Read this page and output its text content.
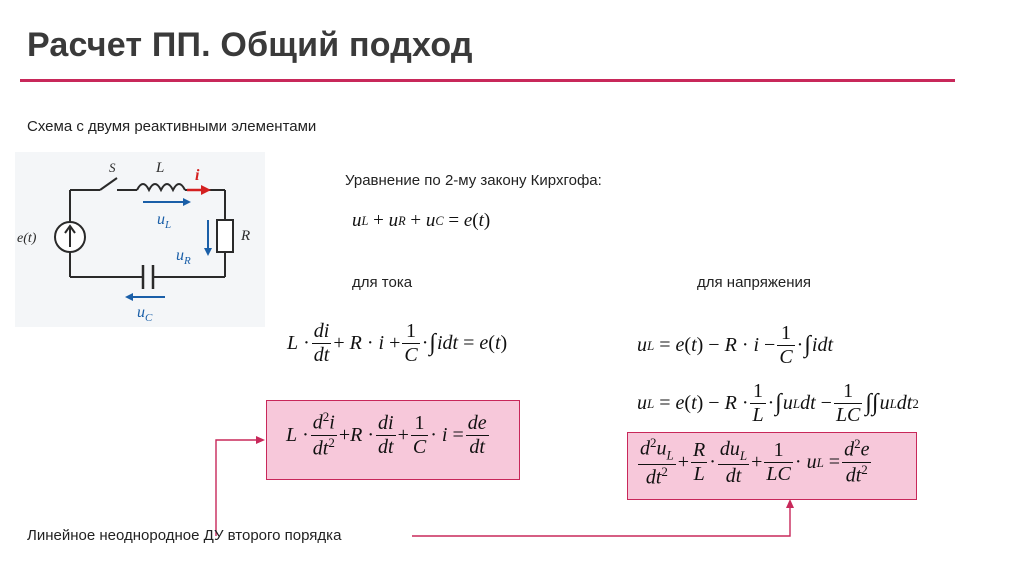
Расчет ПП. Общий подход
Схема с двумя реактивными элементами
e(t)
S	L i
R
$u_L$
$u_R$
$u_C$
Уравнение по 2-му закону Кирхгофа:
u L
+ u R
+ u C
= e ( t )
для тока	для напряжения
$L \cdot \frac{di}{dt} + R \cdot i + \frac{1}{C}$ · ∫ idt = e ( t )
$L \cdot \frac{d^2i}{dt^2} + R \cdot \frac{di}{dt} + \frac{1}{C} \cdot i = \frac{de}{dt}$
u L = e ( t ) − $R \cdot i - \frac{1}{C}$ · ∫ idt
u L = e ( t ) − $R \cdot \frac{1}{L}$ · ∫ u L dt − $\frac{1}{LC}$ ∫∫ u L dt 2
$\frac{d^2u_L}{dt^2} + \frac{R}{L} \cdot \frac{du_L}{dt} + \frac{1}{LC} \cdot u$ $L = \frac{d^2e}{dt^2}$
Линейное неоднородное ДУ второго порядка
